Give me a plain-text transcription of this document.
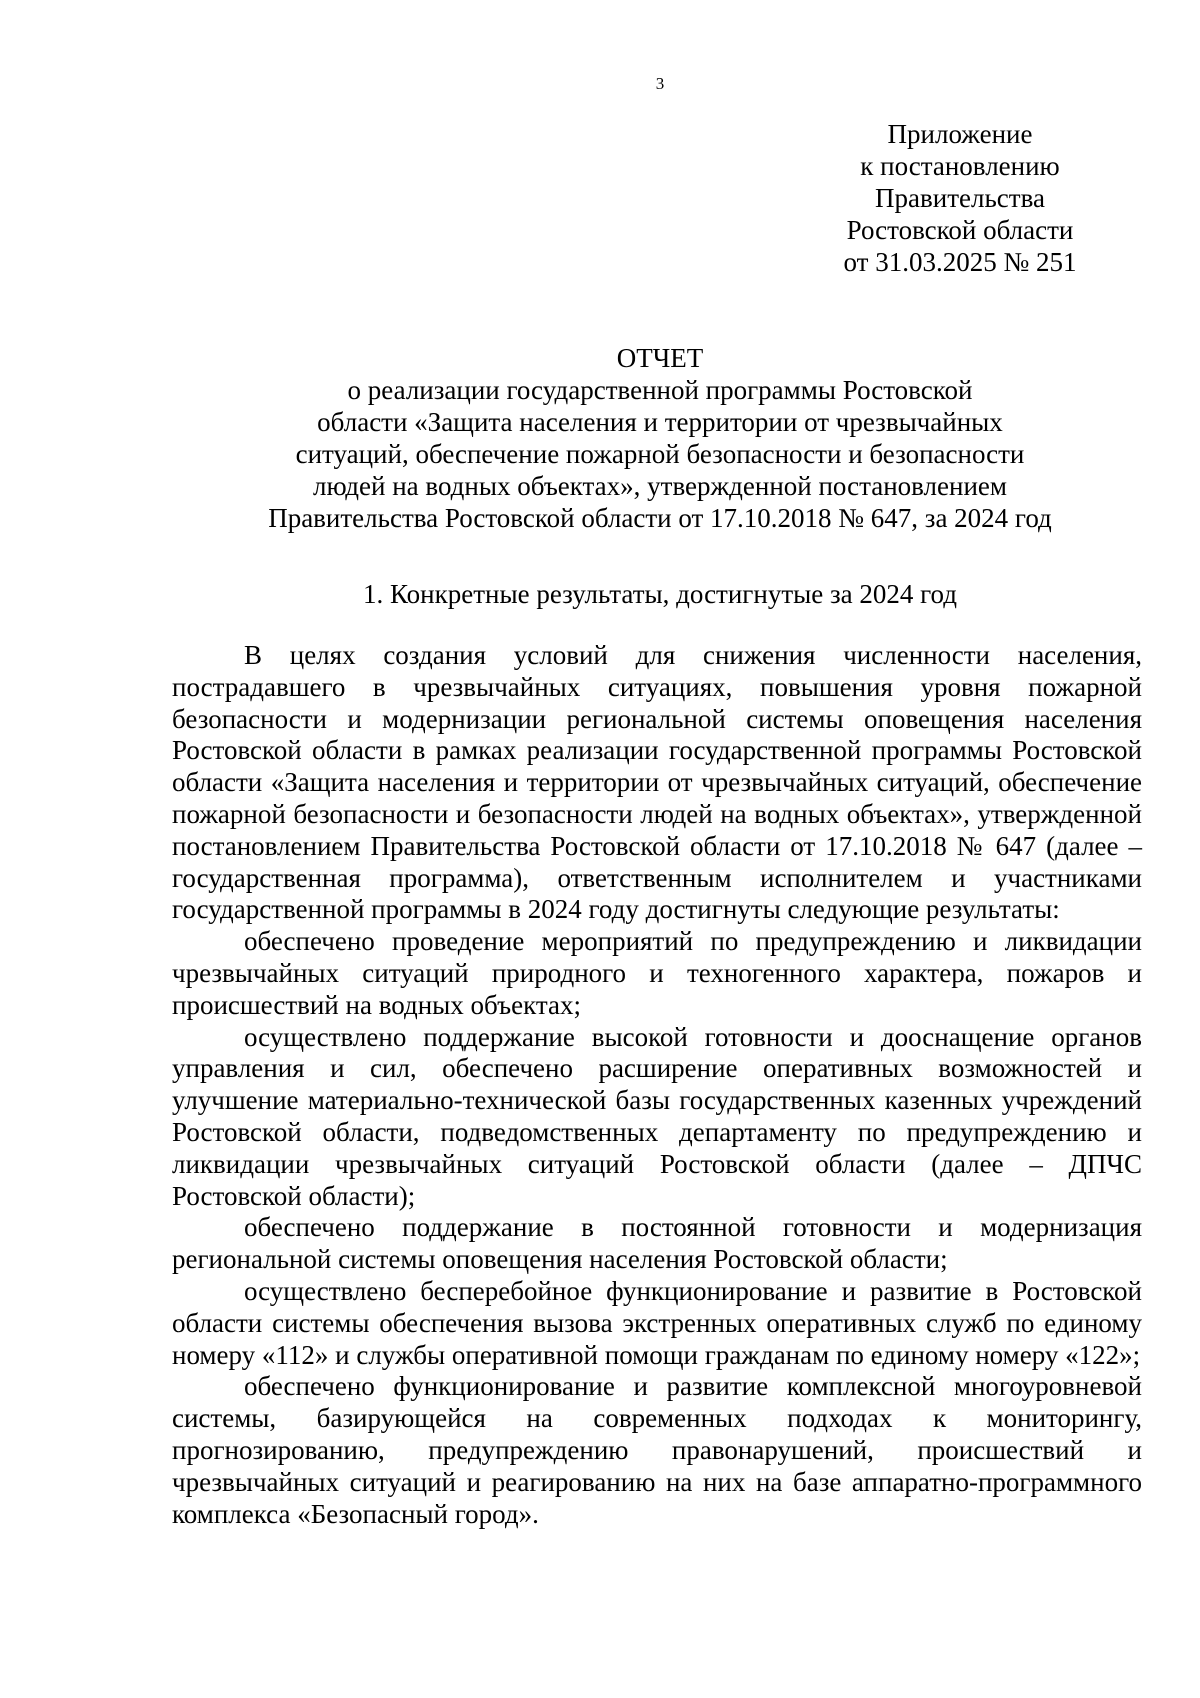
3
Приложение
к постановлению
Правительства
Ростовской области
от 31.03.2025 № 251
ОТЧЕТ
о реализации государственной программы Ростовской
области «Защита населения и территории от чрезвычайных
ситуаций, обеспечение пожарной безопасности и безопасности
людей на водных объектах», утвержденной постановлением
Правительства Ростовской области от 17.10.2018 № 647, за 2024 год
1. Конкретные результаты, достигнутые за 2024 год

В целях создания условий для снижения численности населения, пострадавшего в чрезвычайных ситуациях, повышения уровня пожарной безопасности и модернизации региональной системы оповещения населения Ростовской области в рамках реализации государственной программы Ростовской области «Защита населения и территории от чрезвычайных ситуаций, обеспечение пожарной безопасности и безопасности людей на водных объектах», утвержденной постановлением Правительства Ростовской области от 17.10.2018 № 647 (далее – государственная программа), ответственным исполнителем и участниками государственной программы в 2024 году достигнуты следующие результаты:

обеспечено проведение мероприятий по предупреждению и ликвидации чрезвычайных ситуаций природного и техногенного характера, пожаров и происшествий на водных объектах;

осуществлено поддержание высокой готовности и дооснащение органов управления и сил, обеспечено расширение оперативных возможностей и улучшение материально-технической базы государственных казенных учреждений Ростовской области, подведомственных департаменту по предупреждению и ликвидации чрезвычайных ситуаций Ростовской области (далее – ДПЧС Ростовской области);

обеспечено поддержание в постоянной готовности и модернизация региональной системы оповещения населения Ростовской области;

осуществлено бесперебойное функционирование и развитие в Ростовской области системы обеспечения вызова экстренных оперативных служб по единому номеру «112» и службы оперативной помощи гражданам по единому номеру «122»;

обеспечено функционирование и развитие комплексной многоуровневой системы, базирующейся на современных подходах к мониторингу, прогнозированию, предупреждению правонарушений, происшествий и чрезвычайных ситуаций и реагированию на них на базе аппаратно-программного комплекса «Безопасный город».
